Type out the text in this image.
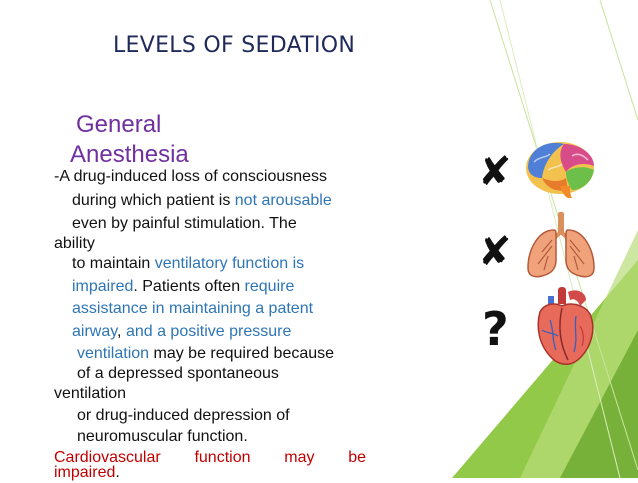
LEVELS OF SEDATION
General
Anesthesia
-A drug-induced loss of consciousness
during which patient is not arousable
even by painful stimulation. The
ability
to maintain ventilatory function is
impaired. Patients often require
assistance in maintaining a patent
airway, and a positive pressure
ventilation may be required because
of a depressed spontaneous
ventilation
or drug-induced depression of
neuromuscular function.
Cardiovascular function may be
impaired.
✘
✘
?
